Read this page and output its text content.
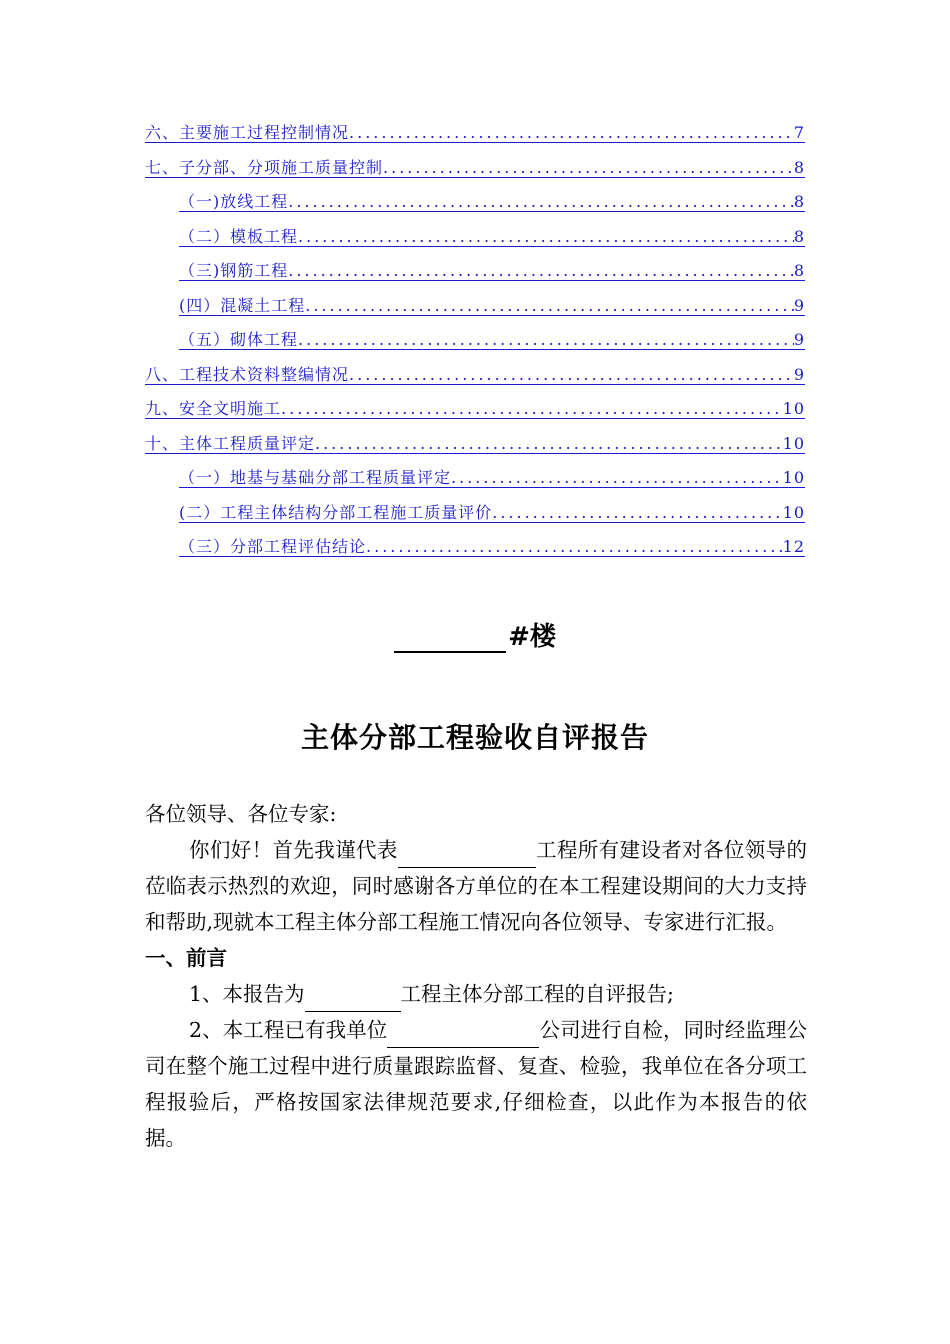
六、主要施工过程控制情况 .....	7
七、子分部、分项施工质量控制 .....	8
（一)放线工程 .....	8
（二）模板工程 .....	8
（三)钢筋工程 .....	8
(四）混凝土工程 .....	9
（五）砌体工程 .....	9
八、工程技术资料整编情况 .....	9
九、安全文明施工 .....	10
十、主体工程质量评定 .....	10
（一）地基与基础分部工程质量评定 .....	10
(二）工程主体结构分部工程施工质量评价 .....	10
（三）分部工程评估结论 .....	12
#楼
主体分部工程验收自评报告

各位领导、各位专家:

你们好！首先我谨代表	工程所有建设者对各位领导的莅临表示热烈的欢迎，同时感谢各方单位的在本工程建设期间的大力支持和帮助,现就本工程主体分部工程施工情况向各位领导、专家进行汇报。

一、前言

1、本报告为	工程主体分部工程的自评报告;

2、本工程已有我单位	公司进行自检，同时经监理公司在整个施工过程中进行质量跟踪监督、复查、检验，我单位在各分项工程报验后，严格按国家法律规范要求,仔细检查，以此作为本报告的依据。
